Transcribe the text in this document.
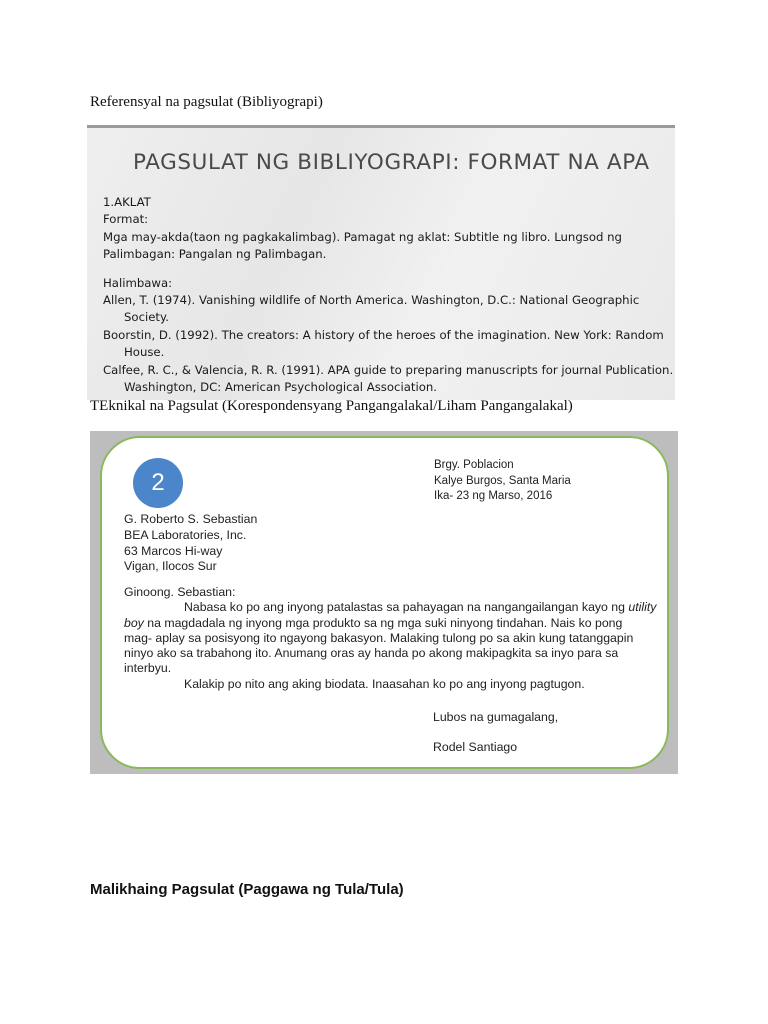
Referensyal na pagsulat (Bibliyograpi)
PAGSULAT NG BIBLIYOGRAPI: FORMAT NA APA
1.AKLAT
Format:
Mga may-akda(taon ng pagkakalimbag). Pamagat ng aklat: Subtitle ng libro. Lungsod ng
Palimbagan: Pangalan ng Palimbagan.
Halimbawa:
Allen, T. (1974). Vanishing wildlife of North America. Washington, D.C.: National Geographic
Society.
Boorstin, D. (1992). The creators: A history of the heroes of the imagination. New York: Random
House.
Calfee, R. C., & Valencia, R. R. (1991). APA guide to preparing manuscripts for journal Publication.
Washington, DC: American Psychological Association.
TEknikal na Pagsulat (Korespondensyang Pangangalakal/Liham Pangangalakal)
2
Brgy. Poblacion
Kalye Burgos, Santa Maria
Ika- 23 ng Marso, 2016
G. Roberto S. Sebastian
BEA Laboratories, Inc.
63 Marcos Hi-way
Vigan, Ilocos Sur
Ginoong. Sebastian:
Nabasa ko po ang inyong patalastas sa pahayagan na nangangailangan kayo ng utility
boy na magdadala ng inyong mga produkto sa ng mga suki ninyong tindahan. Nais ko pong
mag- aplay sa posisyong ito ngayong bakasyon. Malaking tulong po sa akin kung tatanggapin
ninyo ako sa trabahong ito. Anumang oras ay handa po akong makipagkita sa inyo para sa
interbyu.
Kalakip po nito ang aking biodata. Inaasahan ko po ang inyong pagtugon.
Lubos na gumagalang,
Rodel Santiago
Malikhaing Pagsulat (Paggawa ng Tula/Tula)
